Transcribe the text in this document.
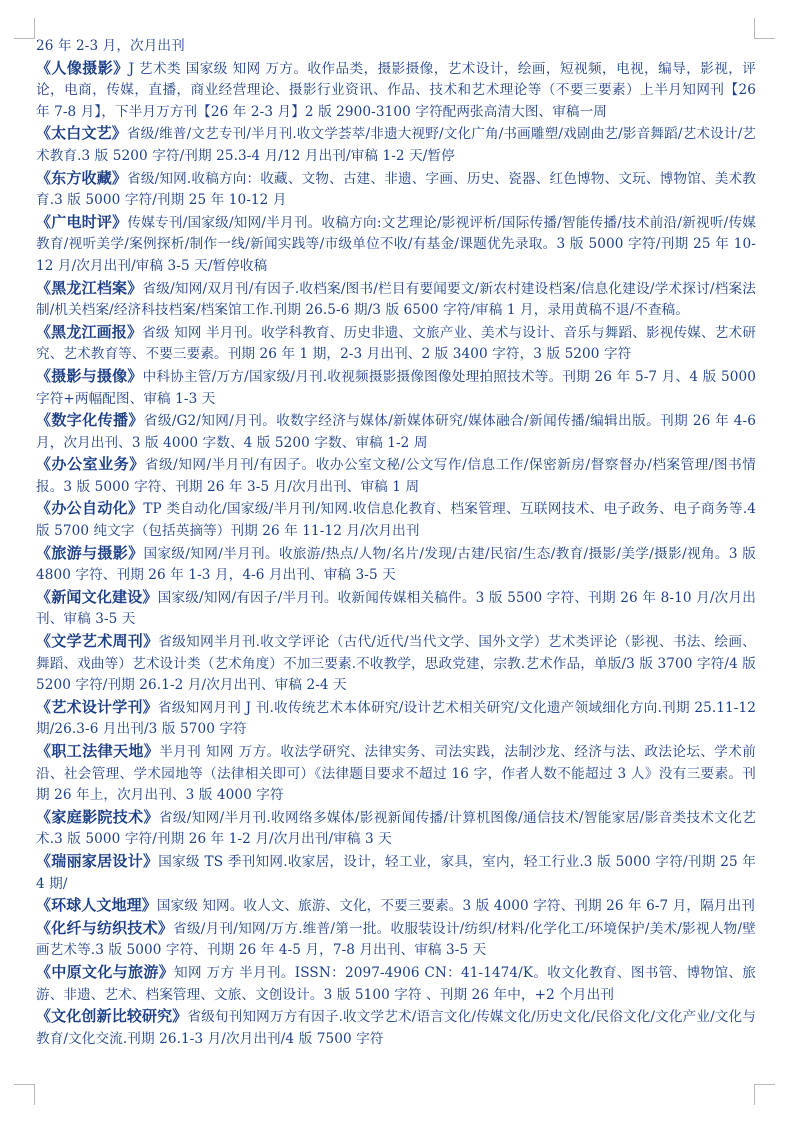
26 年 2-3 月，次月出刊

《人像摄影》J 艺术类 国家级 知网 万方。收作品类，摄影摄像，艺术设计，绘画，短视频，电视，编导，影视，评论，电商，传媒，直播，商业经营理论、摄影行业资讯、作品、技术和艺术理论等（不要三要素）上半月知网刊【26 年 7-8 月】，下半月万方刊【26 年 2-3 月】2 版 2900-3100 字符配两张高清大图、审稿一周

《太白文艺》省级/维普/文艺专刊/半月刊.收文学荟萃/非遗大视野/文化广角/书画雕塑/戏剧曲艺/影音舞蹈/艺术设计/艺术教育.3 版 5200 字符/刊期 25.3-4 月/12 月出刊/审稿 1-2 天/暂停

《东方收藏》省级/知网.收稿方向：收藏、文物、古建、非遗、字画、历史、瓷器、红色博物、文玩、博物馆、美术教育.3 版 5000 字符/刊期 25 年 10-12 月

《广电时评》传媒专刊/国家级/知网/半月刊。收稿方向:文艺理论/影视评析/国际传播/智能传播/技术前沿/新视听/传媒教育/视听美学/案例探析/制作一线/新闻实践等/市级单位不收/有基金/课题优先录取。3 版 5000 字符/刊期 25 年 10-12 月/次月出刊/审稿 3-5 天/暂停收稿

《黑龙江档案》省级/知网/双月刊/有因子.收档案/图书/栏目有要闻要文/新农村建设档案/信息化建设/学术探讨/档案法制/机关档案/经济科技档案/档案馆工作.刊期 26.5-6 期/3 版 6500 字符/审稿 1 月，录用黄稿不退/不查稿。

《黑龙江画报》省级 知网 半月刊。收学科教育、历史非遗、文旅产业、美术与设计、音乐与舞蹈、影视传媒、艺术研究、艺术教育等、不要三要素。刊期 26 年 1 期，2-3 月出刊、2 版 3400 字符，3 版 5200 字符

《摄影与摄像》中科协主管/万方/国家级/月刊.收视频摄影摄像图像处理拍照技术等。刊期 26 年 5-7 月、4 版 5000 字符+两幅配图、审稿 1-3 天

《数字化传播》省级/G2/知网/月刊。收数字经济与媒体/新媒体研究/媒体融合/新闻传播/编辑出版。刊期 26 年 4-6 月，次月出刊、3 版 4000 字数、4 版 5200 字数、审稿 1-2 周

《办公室业务》省级/知网/半月刊/有因子。收办公室文秘/公文写作/信息工作/保密新房/督察督办/档案管理/图书情报。3 版 5000 字符、刊期 26 年 3-5 月/次月出刊、审稿 1 周

《办公自动化》TP 类自动化/国家级/半月刊/知网.收信息化教育、档案管理、互联网技术、电子政务、电子商务等.4 版 5700 纯文字（包括英摘等）刊期 26 年 11-12 月/次月出刊

《旅游与摄影》国家级/知网/半月刊。收旅游/热点/人物/名片/发现/古建/民宿/生态/教育/摄影/美学/摄影/视角。3 版 4800 字符、刊期 26 年 1-3 月，4-6 月出刊、审稿 3-5 天

《新闻文化建设》国家级/知网/有因子/半月刊。收新闻传媒相关稿件。3 版 5500 字符、刊期 26 年 8-10 月/次月出刊、审稿 3-5 天

《文学艺术周刊》省级知网半月刊.收文学评论（古代/近代/当代文学、国外文学）艺术类评论（影视、书法、绘画、舞蹈、戏曲等）艺术设计类（艺术角度）不加三要素.不收教学，思政党建，宗教.艺术作品，单版/3 版 3700 字符/4 版 5200 字符/刊期 26.1-2 月/次月出刊、审稿 2-4 天

《艺术设计学刊》省级知网月刊 J 刊.收传统艺术本体研究/设计艺术相关研究/文化遗产领域细化方向.刊期 25.11-12 期/26.3-6 月出刊/3 版 5700 字符

《职工法律天地》半月刊 知网 万方。收法学研究、法律实务、司法实践，法制沙龙、经济与法、政法论坛、学术前沿、社会管理、学术园地等（法律相关即可）《法律题目要求不超过 16 字，作者人数不能超过 3 人》没有三要素。刊期 26 年上，次月出刊、3 版 4000 字符

《家庭影院技术》省级/知网/半月刊.收网络多媒体/影视新闻传播/计算机图像/通信技术/智能家居/影音类技术文化艺术.3 版 5000 字符/刊期 26 年 1-2 月/次月出刊/审稿 3 天

《瑞丽家居设计》国家级 TS 季刊知网.收家居，设计，轻工业，家具，室内，轻工行业.3 版 5000 字符/刊期 25 年 4 期/

《环球人文地理》国家级 知网。收人文、旅游、文化，不要三要素。3 版 4000 字符、刊期 26 年 6-7 月，隔月出刊

《化纤与纺织技术》省级/月刊/知网/万方.维普/第一批。收服装设计/纺织/材料/化学化工/环境保护/美术/影视人物/壁画艺术等.3 版 5000 字符、刊期 26 年 4-5 月，7-8 月出刊、审稿 3-5 天

《中原文化与旅游》知网 万方 半月刊。ISSN：2097-4906 CN：41-1474/K。收文化教育、图书管、博物馆、旅游、非遗、艺术、档案管理、文旅、文创设计。3 版 5100 字符 、刊期 26 年中，+2 个月出刊

《文化创新比较研究》省级旬刊知网万方有因子.收文学艺术/语言文化/传媒文化/历史文化/民俗文化/文化产业/文化与教育/文化交流.刊期 26.1-3 月/次月出刊/4 版 7500 字符
